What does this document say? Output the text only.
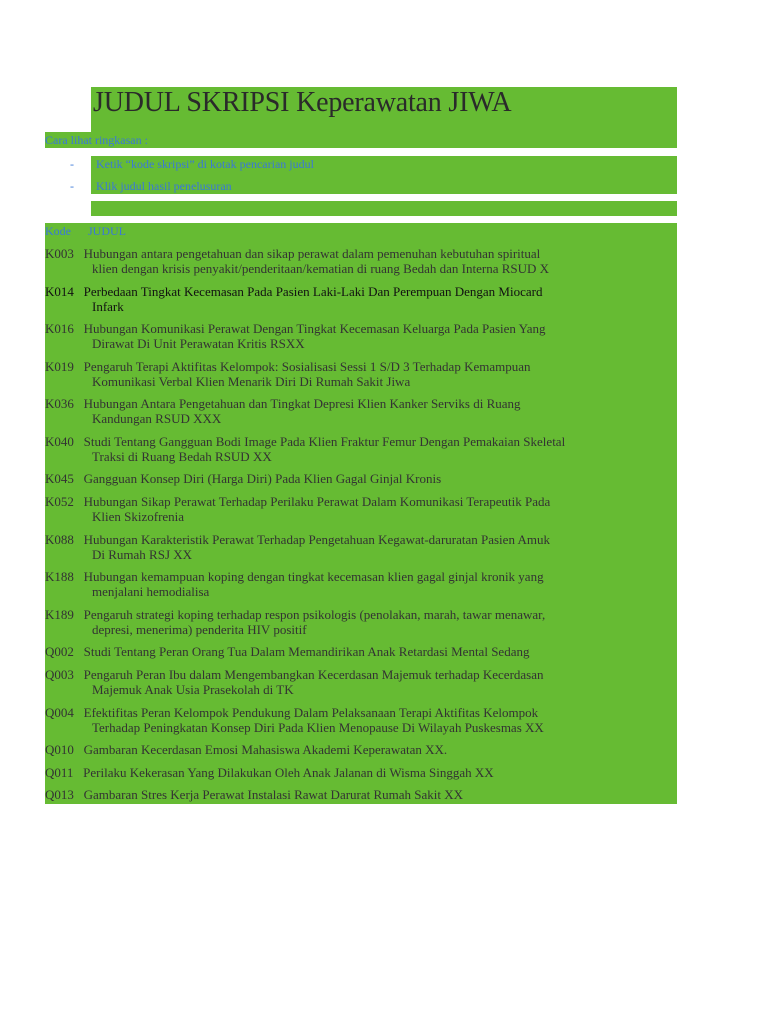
JUDUL SKRIPSI Keperawatan JIWA
Cara lihat ringkasan :
- Ketik “kode skripsi” di kotak pencarian judul
- Klik judul hasil penelusuran
Kode JUDUL
K003 Hubungan antara pengetahuan dan sikap perawat dalam pemenuhan kebutuhan spiritual
klien dengan krisis penyakit/penderitaan/kematian di ruang Bedah dan Interna RSUD X
K014 Perbedaan Tingkat Kecemasan Pada Pasien Laki-Laki Dan Perempuan Dengan Miocard
Infark
K016 Hubungan Komunikasi Perawat Dengan Tingkat Kecemasan Keluarga Pada Pasien Yang
Dirawat Di Unit Perawatan Kritis RSXX
K019 Pengaruh Terapi Aktifitas Kelompok: Sosialisasi Sessi 1 S/D 3 Terhadap Kemampuan
Komunikasi Verbal Klien Menarik Diri Di Rumah Sakit Jiwa
K036 Hubungan Antara Pengetahuan dan Tingkat Depresi Klien Kanker Serviks di Ruang
Kandungan RSUD XXX
K040 Studi Tentang Gangguan Bodi Image Pada Klien Fraktur Femur Dengan Pemakaian Skeletal
Traksi di Ruang Bedah RSUD XX
K045 Gangguan Konsep Diri (Harga Diri) Pada Klien Gagal Ginjal Kronis
K052 Hubungan Sikap Perawat Terhadap Perilaku Perawat Dalam Komunikasi Terapeutik Pada
Klien Skizofrenia
K088 Hubungan Karakteristik Perawat Terhadap Pengetahuan Kegawat-daruratan Pasien Amuk
Di Rumah RSJ XX
K188 Hubungan kemampuan koping dengan tingkat kecemasan klien gagal ginjal kronik yang
menjalani hemodialisa
K189 Pengaruh strategi koping terhadap respon psikologis (penolakan, marah, tawar menawar,
depresi, menerima) penderita HIV positif
Q002 Studi Tentang Peran Orang Tua Dalam Memandirikan Anak Retardasi Mental Sedang
Q003 Pengaruh Peran Ibu dalam Mengembangkan Kecerdasan Majemuk terhadap Kecerdasan
Majemuk Anak Usia Prasekolah di TK
Q004 Efektifitas Peran Kelompok Pendukung Dalam Pelaksanaan Terapi Aktifitas Kelompok
Terhadap Peningkatan Konsep Diri Pada Klien Menopause Di Wilayah Puskesmas XX
Q010 Gambaran Kecerdasan Emosi Mahasiswa Akademi Keperawatan XX.
Q011 Perilaku Kekerasan Yang Dilakukan Oleh Anak Jalanan di Wisma Singgah XX
Q013 Gambaran Stres Kerja Perawat Instalasi Rawat Darurat Rumah Sakit XX
